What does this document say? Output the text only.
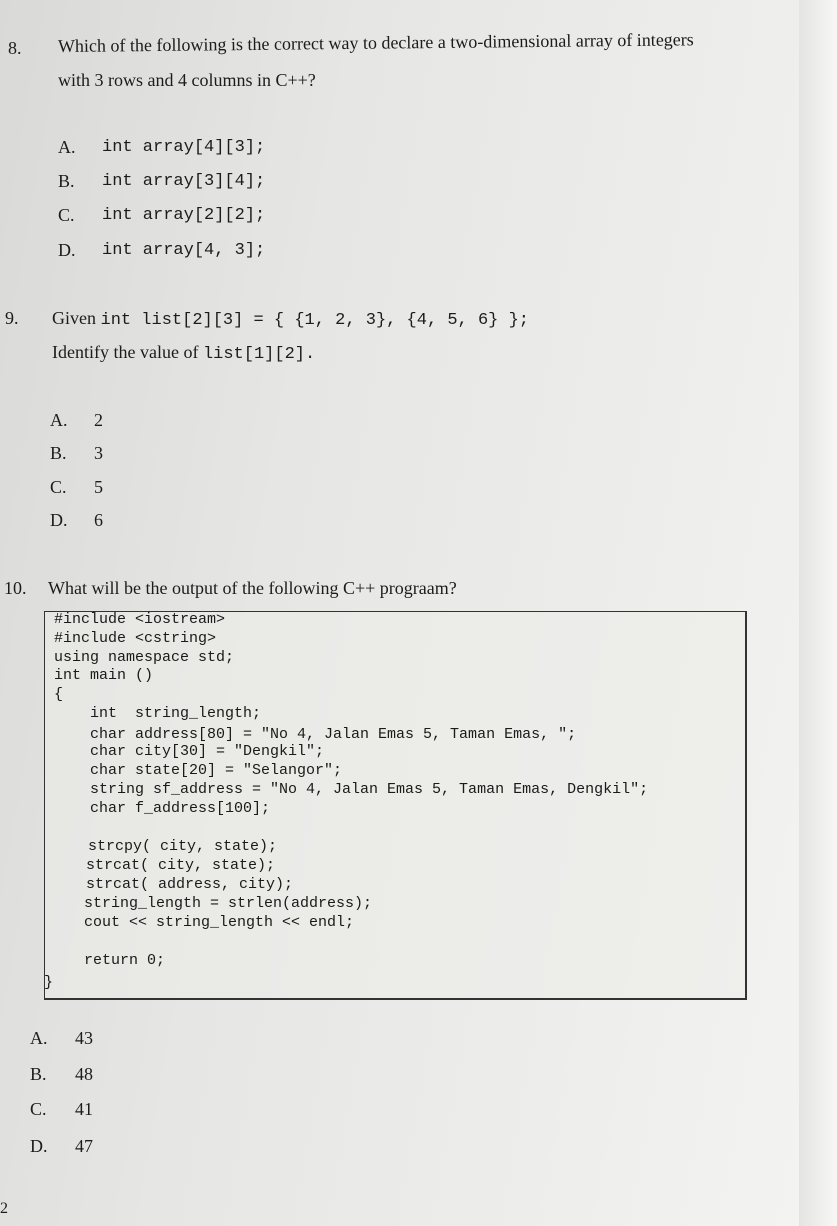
8. Which of the following is the correct way to declare a two-dimensional array of integers
with 3 rows and 4 columns in C++?
A. int array[4][3];
B. int array[3][4];
C. int array[2][2];
D. int array[4, 3];
9. Given int list[2][3] = { {1, 2, 3}, {4, 5, 6} };
Identify the value of list[1][2].
A. 2
B. 3
C. 5
D. 6
10. What will be the output of the following C++ prograam?
#include <iostream>
#include <cstring>
using namespace std;
int main ()
{
int  string_length;
char address[80] = "No 4, Jalan Emas 5, Taman Emas, ";
char city[30] = "Dengkil";
char state[20] = "Selangor";
string sf_address = "No 4, Jalan Emas 5, Taman Emas, Dengkil";
char f_address[100];
strcpy( city, state);
strcat( city, state);
strcat( address, city);
string_length = strlen(address);
cout << string_length << endl;
return 0;
}
A. 43
B. 48
C. 41
D. 47
2
